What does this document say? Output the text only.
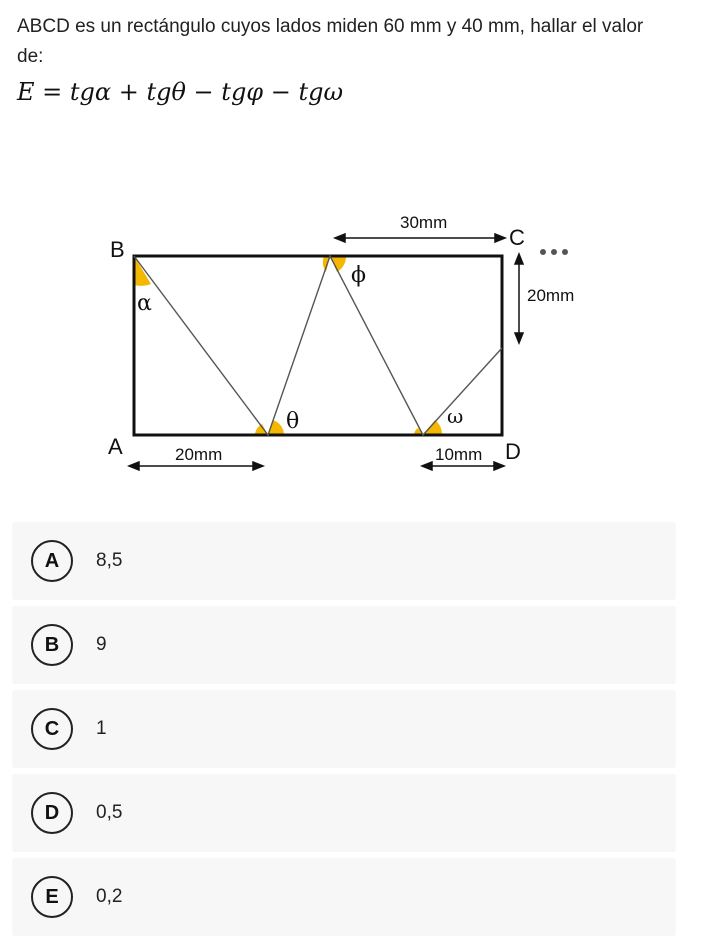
ABCD es un rectángulo cuyos lados miden 60 mm y 40 mm, hallar el valor de:
E = tgα + tgθ − tgφ − tgω
B	C
A	D
30mm
20mm
20mm	10mm
α
θ
ϕ
ω
A	8,5
B	9
C	1
D	0,5
E	0,2
